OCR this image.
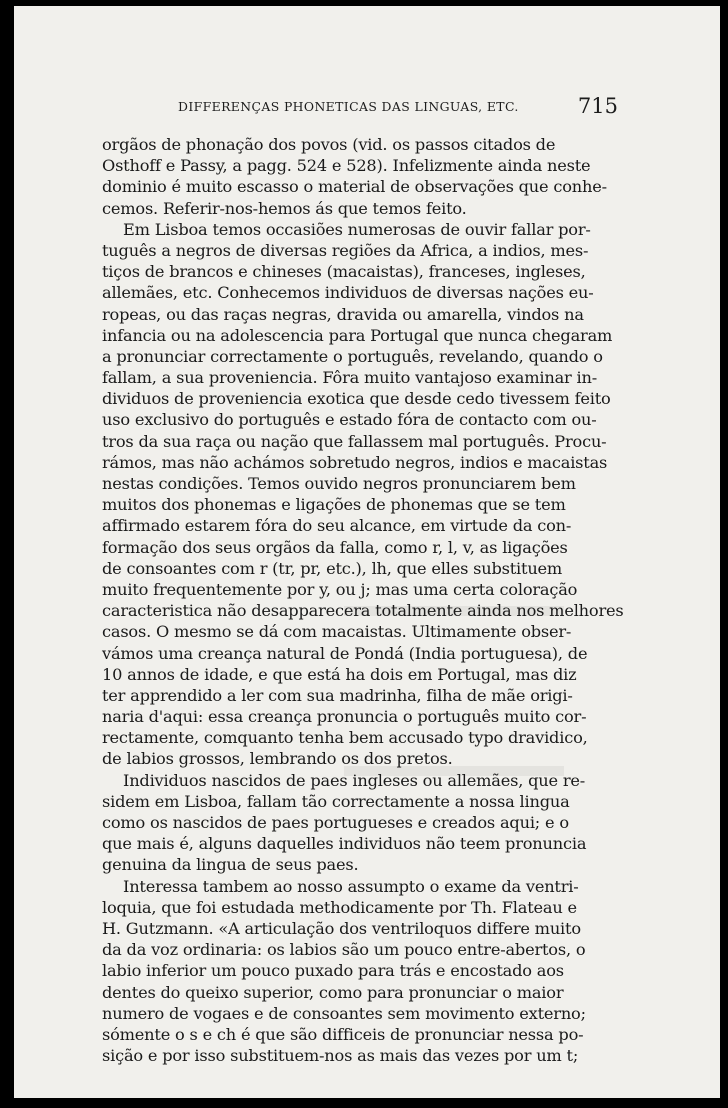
DIFFERENÇAS PHONETICAS DAS LINGUAS, ETC.	715
orgãos de phonação dos povos (vid. os passos citados de
Osthoff e Passy, a pagg. 524 e 528). Infelizmente ainda neste
dominio é muito escasso o material de observações que conhe-
cemos. Referir-nos-hemos ás que temos feito.
Em Lisboa temos occasiões numerosas de ouvir fallar por-
tuguês a negros de diversas regiões da Africa, a indios, mes-
tiços de brancos e chineses (macaistas), franceses, ingleses,
allemães, etc. Conhecemos individuos de diversas nações eu-
ropeas, ou das raças negras, dravida ou amarella, vindos na
infancia ou na adolescencia para Portugal que nunca chegaram
a pronunciar correctamente o português, revelando, quando o
fallam, a sua proveniencia. Fôra muito vantajoso examinar in-
dividuos de proveniencia exotica que desde cedo tivessem feito
uso exclusivo do português e estado fóra de contacto com ou-
tros da sua raça ou nação que fallassem mal português. Procu-
rámos, mas não achámos sobretudo negros, indios e macaistas
nestas condições. Temos ouvido negros pronunciarem bem
muitos dos phonemas e ligações de phonemas que se tem
affirmado estarem fóra do seu alcance, em virtude da con-
formação dos seus orgãos da falla, como r, l, v, as ligações
de consoantes com r (tr, pr, etc.), lh, que elles substituem
muito frequentemente por y, ou j; mas uma certa coloração
caracteristica não desapparecera totalmente ainda nos melhores
casos. O mesmo se dá com macaistas. Ultimamente obser-
vámos uma creança natural de Pondá (India portuguesa), de
10 annos de idade, e que está ha dois em Portugal, mas diz
ter apprendido a ler com sua madrinha, filha de mãe origi-
naria d'aqui: essa creança pronuncia o português muito cor-
rectamente, comquanto tenha bem accusado typo dravidico,
de labios grossos, lembrando os dos pretos.
Individuos nascidos de paes ingleses ou allemães, que re-
sidem em Lisboa, fallam tão correctamente a nossa lingua
como os nascidos de paes portugueses e creados aqui; e o
que mais é, alguns daquelles individuos não teem pronuncia
genuina da lingua de seus paes.
Interessa tambem ao nosso assumpto o exame da ventri-
loquia, que foi estudada methodicamente por Th. Flateau e
H. Gutzmann. «A articulação dos ventriloquos differe muito
da da voz ordinaria: os labios são um pouco entre-abertos, o
labio inferior um pouco puxado para trás e encostado aos
dentes do queixo superior, como para pronunciar o maior
numero de vogaes e de consoantes sem movimento externo;
sómente o s e ch é que são difficeis de pronunciar nessa po-
sição e por isso substituem-nos as mais das vezes por um t;
